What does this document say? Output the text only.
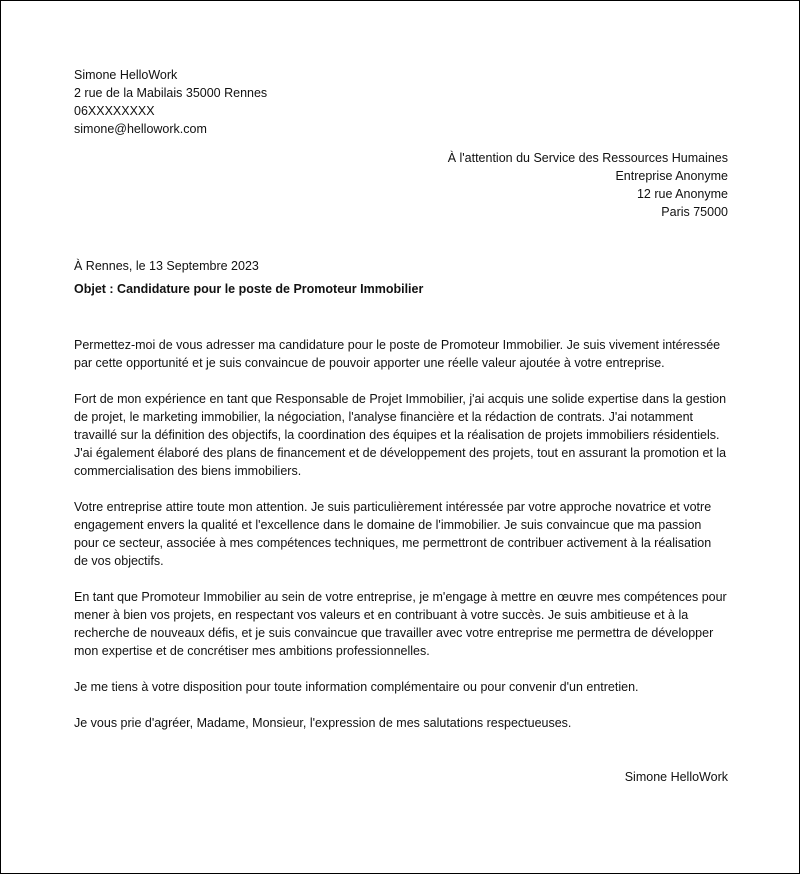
Simone HelloWork

2 rue de la Mabilais 35000 Rennes

06XXXXXXXX

simone@hellowork.com

À l'attention du Service des Ressources Humaines

Entreprise Anonyme

12 rue Anonyme

Paris 75000

À Rennes, le 13 Septembre 2023

Objet : Candidature pour le poste de Promoteur Immobilier

Permettez-moi de vous adresser ma candidature pour le poste de Promoteur Immobilier. Je suis vivement intéressée par cette opportunité et je suis convaincue de pouvoir apporter une réelle valeur ajoutée à votre entreprise.

Fort de mon expérience en tant que Responsable de Projet Immobilier, j'ai acquis une solide expertise dans la gestion de projet, le marketing immobilier, la négociation, l'analyse financière et la rédaction de contrats. J'ai notamment travaillé sur la définition des objectifs, la coordination des équipes et la réalisation de projets immobiliers résidentiels. J'ai également élaboré des plans de financement et de développement des projets, tout en assurant la promotion et la commercialisation des biens immobiliers.

Votre entreprise attire toute mon attention. Je suis particulièrement intéressée par votre approche novatrice et votre engagement envers la qualité et l'excellence dans le domaine de l'immobilier. Je suis convaincue que ma passion pour ce secteur, associée à mes compétences techniques, me permettront de contribuer activement à la réalisation de vos objectifs.

En tant que Promoteur Immobilier au sein de votre entreprise, je m'engage à mettre en œuvre mes compétences pour mener à bien vos projets, en respectant vos valeurs et en contribuant à votre succès. Je suis ambitieuse et à la recherche de nouveaux défis, et je suis convaincue que travailler avec votre entreprise me permettra de développer mon expertise et de concrétiser mes ambitions professionnelles.

Je me tiens à votre disposition pour toute information complémentaire ou pour convenir d'un entretien.

Je vous prie d'agréer, Madame, Monsieur, l'expression de mes salutations respectueuses.

Simone HelloWork
